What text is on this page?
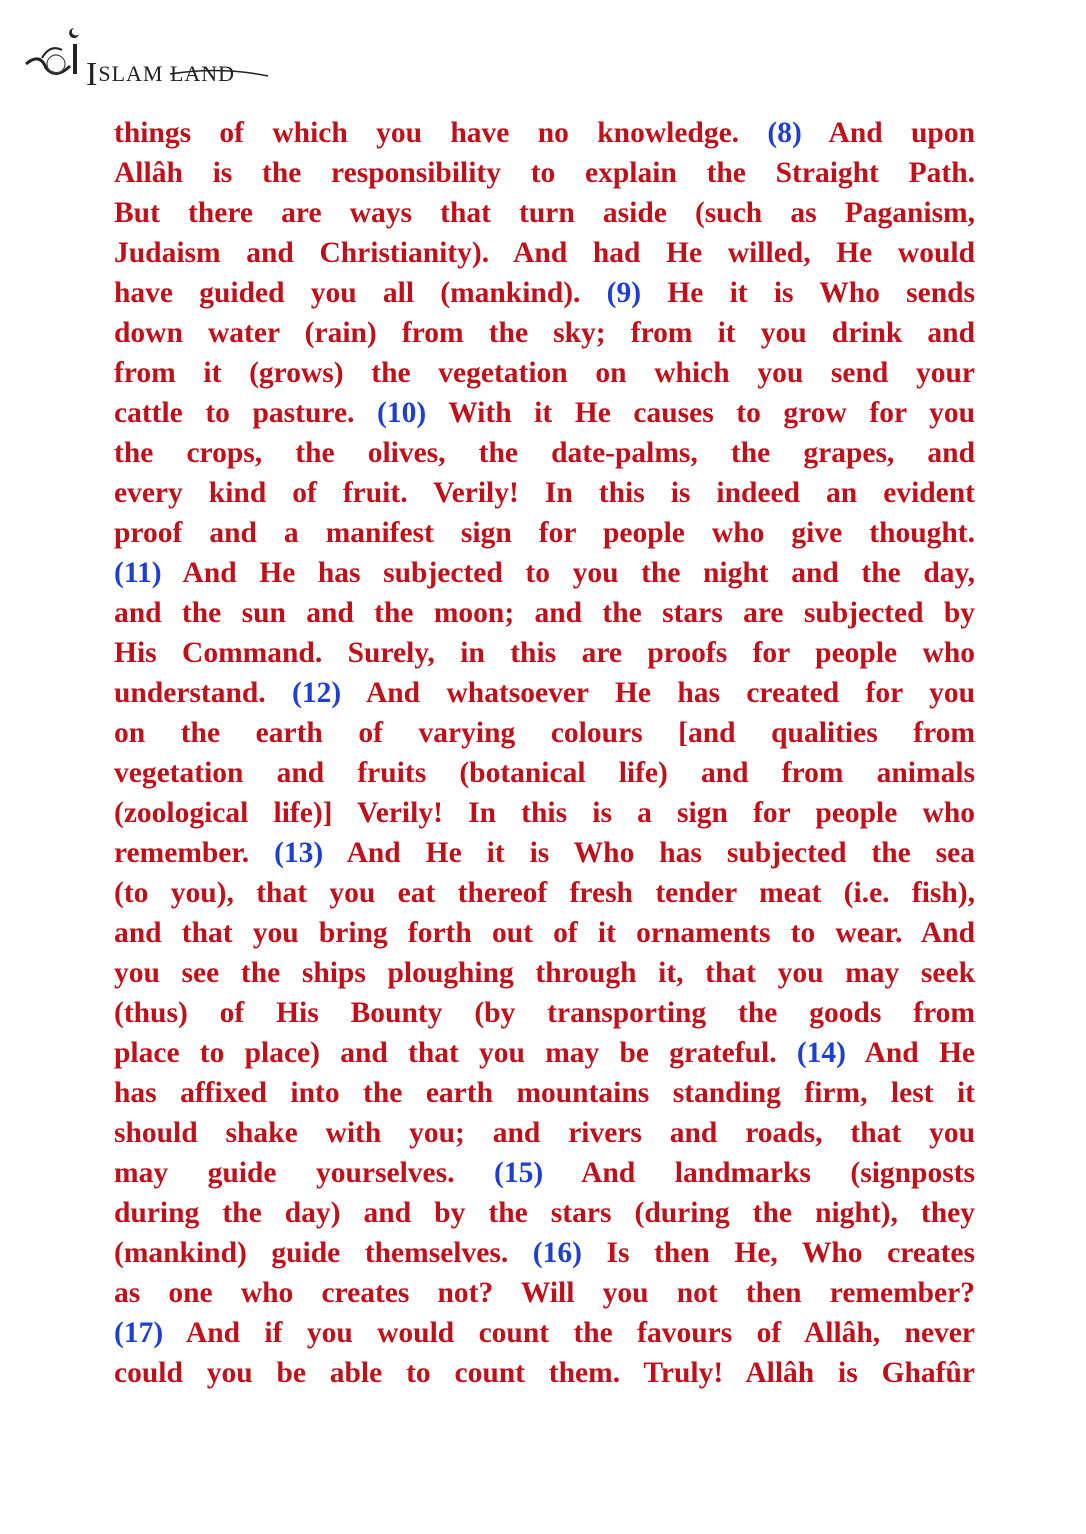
ISLAM LAND
things of which you have no knowledge. (8) And upon
Allâh is the responsibility to explain the Straight Path.
But there are ways that turn aside (such as Paganism,
Judaism and Christianity). And had He willed, He would
have guided you all (mankind). (9) He it is Who sends
down water (rain) from the sky; from it you drink and
from it (grows) the vegetation on which you send your
cattle to pasture. (10) With it He causes to grow for you
the crops, the olives, the date-palms, the grapes, and
every kind of fruit. Verily! In this is indeed an evident
proof and a manifest sign for people who give thought.
(11) And He has subjected to you the night and the day,
and the sun and the moon; and the stars are subjected by
His Command. Surely, in this are proofs for people who
understand. (12) And whatsoever He has created for you
on the earth of varying colours [and qualities from
vegetation and fruits (botanical life) and from animals
(zoological life)] Verily! In this is a sign for people who
remember. (13) And He it is Who has subjected the sea
(to you), that you eat thereof fresh tender meat (i.e. fish),
and that you bring forth out of it ornaments to wear. And
you see the ships ploughing through it, that you may seek
(thus) of His Bounty (by transporting the goods from
place to place) and that you may be grateful. (14) And He
has affixed into the earth mountains standing firm, lest it
should shake with you; and rivers and roads, that you
may guide yourselves. (15) And landmarks (signposts
during the day) and by the stars (during the night), they
(mankind) guide themselves. (16) Is then He, Who creates
as one who creates not? Will you not then remember?
(17) And if you would count the favours of Allâh, never
could you be able to count them. Truly! Allâh is Ghafûr
